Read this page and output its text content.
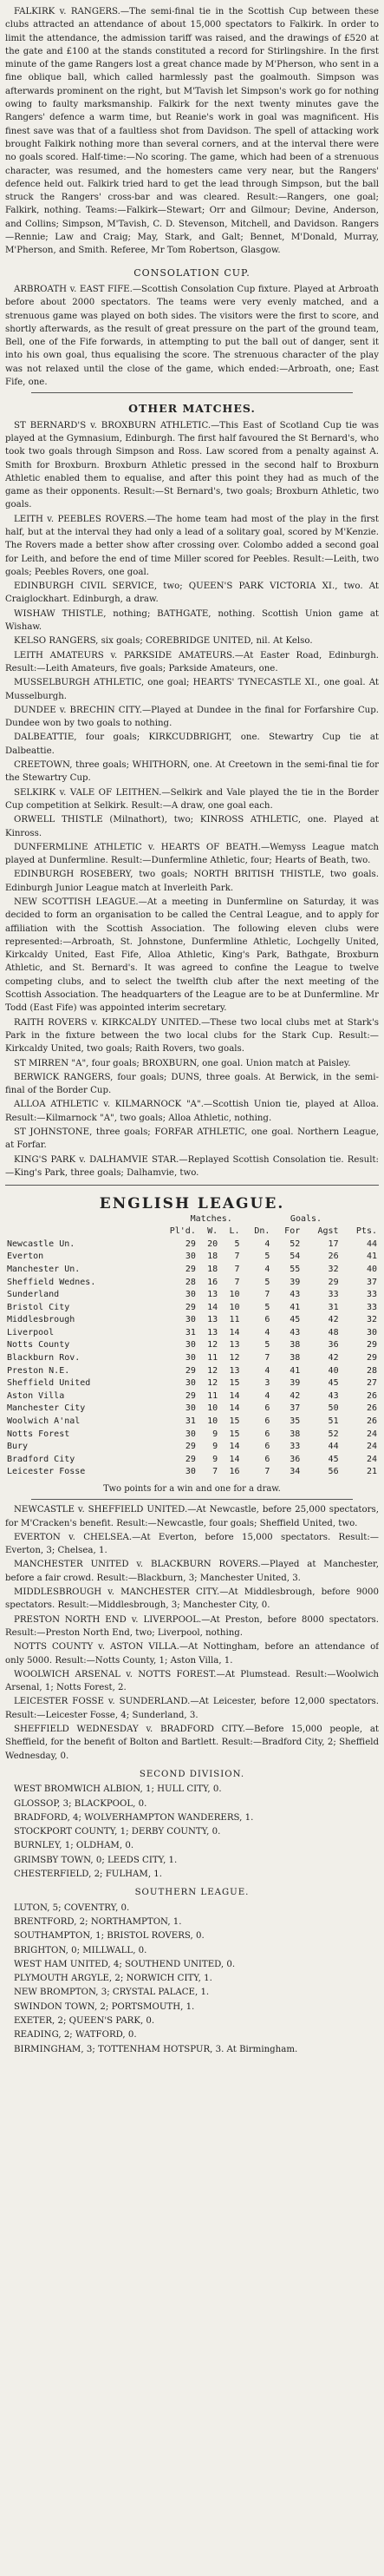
FALKIRK v. RANGERS.—The semi-final tie in the Scottish Cup between these clubs attracted an attendance of about 15,000 spectators to Falkirk. In order to limit the attendance, the admission tariff was raised, and the drawings of £520 at the gate and £100 at the stands constituted a record for Stirlingshire. In the first minute of the game Rangers lost a great chance made by M'Pherson, who sent in a fine oblique ball, which called harmlessly past the goalmouth. Simpson was afterwards prominent on the right, but M'Tavish let Simpson's work go for nothing owing to faulty marksmanship. Falkirk for the next twenty minutes gave the Rangers' defence a warm time, but Reanie's work in goal was magnificent. His finest save was that of a faultless shot from Davidson. The spell of attacking work brought Falkirk nothing more than several corners, and at the interval there were no goals scored. Half-time:—No scoring. The game, which had been of a strenuous character, was resumed, and the homesters came very near, but the Rangers' defence held out. Falkirk tried hard to get the lead through Simpson, but the ball struck the Rangers' cross-bar and was cleared. Result:—Rangers, one goal; Falkirk, nothing. Teams:—Falkirk—Stewart; Orr and Gilmour; Devine, Anderson, and Collins; Simpson, M'Tavish, C. D. Stevenson, Mitchell, and Davidson. Rangers—Rennie; Law and Craig; May, Stark, and Galt; Bennet, M'Donald, Murray, M'Pherson, and Smith. Referee, Mr Tom Robertson, Glasgow.

CONSOLATION CUP.

ARBROATH v. EAST FIFE.—Scottish Consolation Cup fixture. Played at Arbroath before about 2000 spectators. The teams were very evenly matched, and a strenuous game was played on both sides. The visitors were the first to score, and shortly afterwards, as the result of great pressure on the part of the ground team, Bell, one of the Fife forwards, in attempting to put the ball out of danger, sent it into his own goal, thus equalising the score. The strenuous character of the play was not relaxed until the close of the game, which ended:—Arbroath, one; East Fife, one.

OTHER MATCHES.

ST BERNARD'S v. BROXBURN ATHLETIC.—This East of Scotland Cup tie was played at the Gymnasium, Edinburgh. The first half favoured the St Bernard's, who took two goals through Simpson and Ross. Law scored from a penalty against A. Smith for Broxburn. Broxburn Athletic pressed in the second half to Broxburn Athletic enabled them to equalise, and after this point they had as much of the game as their opponents. Result:—St Bernard's, two goals; Broxburn Athletic, two goals.

LEITH v. PEEBLES ROVERS.—The home team had most of the play in the first half, but at the interval they had only a lead of a solitary goal, scored by M'Kenzie. The Rovers made a better show after crossing over. Colombo added a second goal for Leith, and before the end of time Miller scored for Peebles. Result:—Leith, two goals; Peebles Rovers, one goal.

EDINBURGH CIVIL SERVICE, two; QUEEN'S PARK VICTORIA XI., two. At Craiglockhart. Edinburgh, a draw.

WISHAW THISTLE, nothing; BATHGATE, nothing. Scottish Union game at Wishaw.

KELSO RANGERS, six goals; COREBRIDGE UNITED, nil. At Kelso.

LEITH AMATEURS v. PARKSIDE AMATEURS.—At Easter Road, Edinburgh. Result:—Leith Amateurs, five goals; Parkside Amateurs, one.

MUSSELBURGH ATHLETIC, one goal; HEARTS' TYNECASTLE XI., one goal. At Musselburgh.

DUNDEE v. BRECHIN CITY.—Played at Dundee in the final for Forfarshire Cup. Dundee won by two goals to nothing.

DALBEATTIE, four goals; KIRKCUDBRIGHT, one. Stewartry Cup tie at Dalbeattie.

CREETOWN, three goals; WHITHORN, one. At Creetown in the semi-final tie for the Stewartry Cup.

SELKIRK v. VALE OF LEITHEN.—Selkirk and Vale played the tie in the Border Cup competition at Selkirk. Result:—A draw, one goal each.

ORWELL THISTLE (Milnathort), two; KINROSS ATHLETIC, one. Played at Kinross.

DUNFERMLINE ATHLETIC v. HEARTS OF BEATH.—Wemyss League match played at Dunfermline. Result:—Dunfermline Athletic, four; Hearts of Beath, two.

EDINBURGH ROSEBERY, two goals; NORTH BRITISH THISTLE, two goals. Edinburgh Junior League match at Inverleith Park.

NEW SCOTTISH LEAGUE.—At a meeting in Dunfermline on Saturday, it was decided to form an organisation to be called the Central League, and to apply for affiliation with the Scottish Association. The following eleven clubs were represented:—Arbroath, St. Johnstone, Dunfermline Athletic, Lochgelly United, Kirkcaldy United, East Fife, Alloa Athletic, King's Park, Bathgate, Broxburn Athletic, and St. Bernard's. It was agreed to confine the League to twelve competing clubs, and to select the twelfth club after the next meeting of the Scottish Association. The headquarters of the League are to be at Dunfermline. Mr Todd (East Fife) was appointed interim secretary.

RAITH ROVERS v. KIRKCALDY UNITED.—These two local clubs met at Stark's Park in the fixture between the two local clubs for the Stark Cup. Result:—Kirkcaldy United, two goals; Raith Rovers, two goals.

ST MIRREN "A", four goals; BROXBURN, one goal. Union match at Paisley.

BERWICK RANGERS, four goals; DUNS, three goals. At Berwick, in the semi-final of the Border Cup.

ALLOA ATHLETIC v. KILMARNOCK "A".—Scottish Union tie, played at Alloa. Result:—Kilmarnock "A", two goals; Alloa Athletic, nothing.

ST JOHNSTONE, three goals; FORFAR ATHLETIC, one goal. Northern League, at Forfar.

KING'S PARK v. DALHAMVIE STAR.—Replayed Scottish Consolation tie. Result:—King's Park, three goals; Dalhamvie, two.

ENGLISH LEAGUE.
	Matches.				Goals.		
	Pl'd.	W.	L.	Dn.	For	Agst	Pts.
Newcastle Un.	29	20	5	4	52	17	44
Everton	30	18	7	5	54	26	41
Manchester Un.	29	18	7	4	55	32	40
Sheffield Wednes.	28	16	7	5	39	29	37
Sunderland	30	13	10	7	43	33	33
Bristol City	29	14	10	5	41	31	33
Middlesbrough	30	13	11	6	45	42	32
Liverpool	31	13	14	4	43	48	30
Notts County	30	12	13	5	38	36	29
Blackburn Rov.	30	11	12	7	38	42	29
Preston N.E.	29	12	13	4	41	40	28
Sheffield United	30	12	15	3	39	45	27
Aston Villa	29	11	14	4	42	43	26
Manchester City	30	10	14	6	37	50	26
Woolwich A'nal	31	10	15	6	35	51	26
Notts Forest	30	9	15	6	38	52	24
Bury	29	9	14	6	33	44	24
Bradford City	29	9	14	6	36	45	24
Leicester Fosse	30	7	16	7	34	56	21
Two points for a win and one for a draw.

NEWCASTLE v. SHEFFIELD UNITED.—At Newcastle, before 25,000 spectators, for M'Cracken's benefit. Result:—Newcastle, four goals; Sheffield United, two.

EVERTON v. CHELSEA.—At Everton, before 15,000 spectators. Result:—Everton, 3; Chelsea, 1.

MANCHESTER UNITED v. BLACKBURN ROVERS.—Played at Manchester, before a fair crowd. Result:—Blackburn, 3; Manchester United, 3.

MIDDLESBROUGH v. MANCHESTER CITY.—At Middlesbrough, before 9000 spectators. Result:—Middlesbrough, 3; Manchester City, 0.

PRESTON NORTH END v. LIVERPOOL.—At Preston, before 8000 spectators. Result:—Preston North End, two; Liverpool, nothing.

NOTTS COUNTY v. ASTON VILLA.—At Nottingham, before an attendance of only 5000. Result:—Notts County, 1; Aston Villa, 1.

WOOLWICH ARSENAL v. NOTTS FOREST.—At Plumstead. Result:—Woolwich Arsenal, 1; Notts Forest, 2.

LEICESTER FOSSE v. SUNDERLAND.—At Leicester, before 12,000 spectators. Result:—Leicester Fosse, 4; Sunderland, 3.

SHEFFIELD WEDNESDAY v. BRADFORD CITY.—Before 15,000 people, at Sheffield, for the benefit of Bolton and Bartlett. Result:—Bradford City, 2; Sheffield Wednesday, 0.

SECOND DIVISION.

WEST BROMWICH ALBION, 1; HULL CITY, 0.

GLOSSOP, 3; BLACKPOOL, 0.

BRADFORD, 4; WOLVERHAMPTON WANDERERS, 1.

STOCKPORT COUNTY, 1; DERBY COUNTY, 0.

BURNLEY, 1; OLDHAM, 0.

GRIMSBY TOWN, 0; LEEDS CITY, 1.

CHESTERFIELD, 2; FULHAM, 1.

SOUTHERN LEAGUE.

LUTON, 5; COVENTRY, 0.

BRENTFORD, 2; NORTHAMPTON, 1.

SOUTHAMPTON, 1; BRISTOL ROVERS, 0.

BRIGHTON, 0; MILLWALL, 0.

WEST HAM UNITED, 4; SOUTHEND UNITED, 0.

PLYMOUTH ARGYLE, 2; NORWICH CITY, 1.

NEW BROMPTON, 3; CRYSTAL PALACE, 1.

SWINDON TOWN, 2; PORTSMOUTH, 1.

EXETER, 2; QUEEN'S PARK, 0.

READING, 2; WATFORD, 0.

BIRMINGHAM, 3; TOTTENHAM HOTSPUR, 3. At Birmingham.
